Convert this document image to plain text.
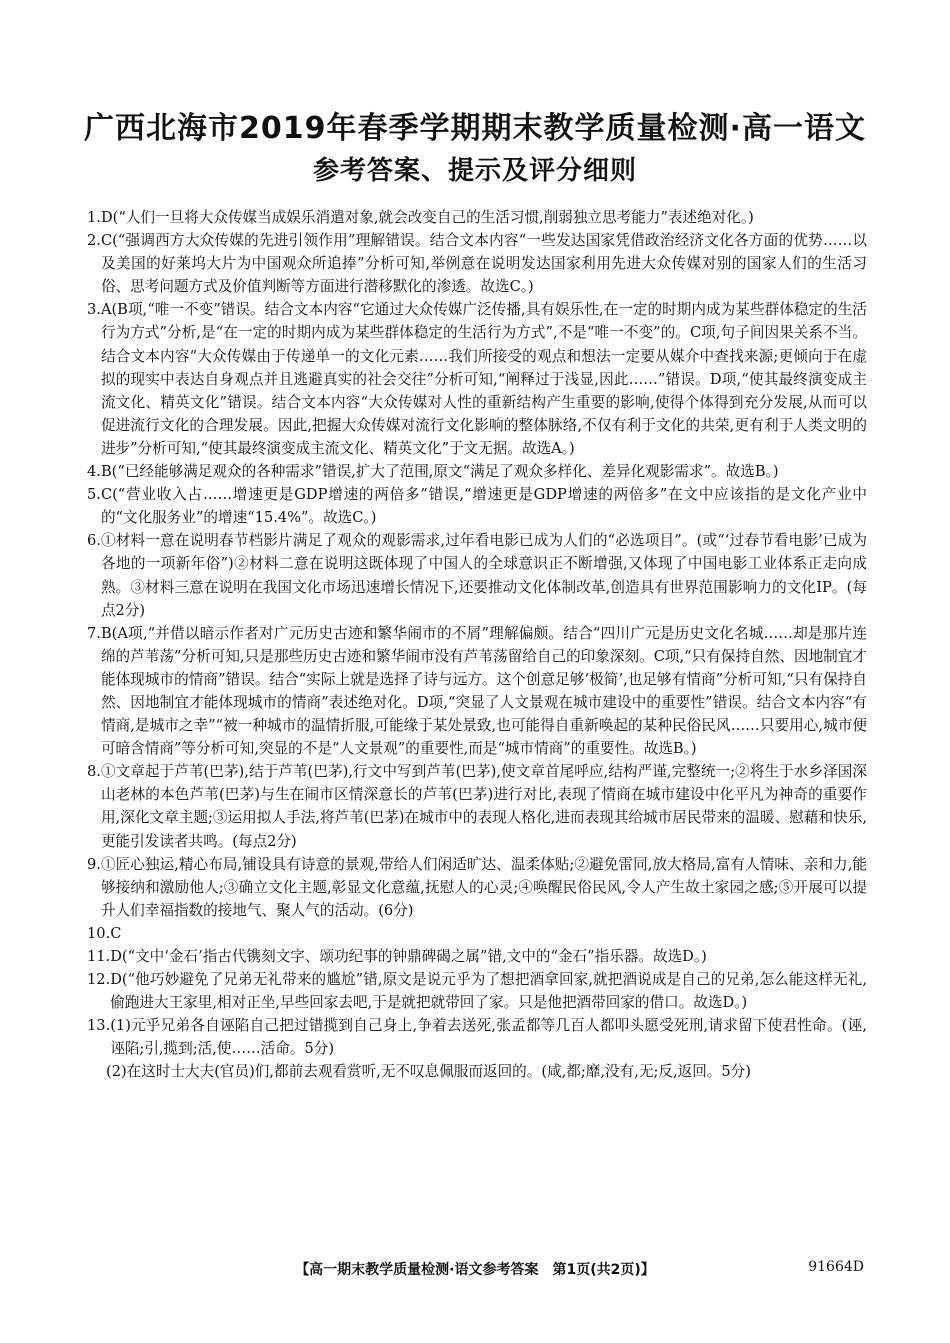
广西北海市2019年春季学期期末教学质量检测·高一语文
参考答案、提示及评分细则
1. D(“人们一旦将大众传媒当成娱乐消遣对象,就会改变自己的生活习惯,削弱独立思考能力”表述绝对化。)
2. C(“强调西方大众传媒的先进引领作用”理解错误。结合文本内容“一些发达国家凭借政治经济文化各方面的优势……以及美国的好莱坞大片为中国观众所追捧”分析可知,举例意在说明发达国家利用先进大众传媒对别的国家人们的生活习俗、思考问题方式及价值判断等方面进行潜移默化的渗透。故选C。)
3. A(B项,“唯一不变”错误。结合文本内容“它通过大众传媒广泛传播,具有娱乐性,在一定的时期内成为某些群体稳定的生活行为方式”分析,是“在一定的时期内成为某些群体稳定的生活行为方式”,不是“唯一不变”的。C项,句子间因果关系不当。结合文本内容“大众传媒由于传递单一的文化元素……我们所接受的观点和想法一定要从媒介中查找来源;更倾向于在虚拟的现实中表达自身观点并且逃避真实的社会交往”分析可知,“阐释过于浅显,因此……”错误。D项,“使其最终演变成主流文化、精英文化”错误。结合文本内容“大众传媒对人性的重新结构产生重要的影响,使得个体得到充分发展,从而可以促进流行文化的合理发展。因此,把握大众传媒对流行文化影响的整体脉络,不仅有利于文化的共荣,更有利于人类文明的进步”分析可知,“使其最终演变成主流文化、精英文化”于文无据。故选A。)
4. B(“已经能够满足观众的各种需求”错误,扩大了范围,原文“满足了观众多样化、差异化观影需求”。故选B。)
5. C(“营业收入占……增速更是GDP增速的两倍多”错误,“增速更是GDP增速的两倍多”在文中应该指的是文化产业中的“文化服务业”的增速“15.4%”。故选C。)
6. ①材料一意在说明春节档影片满足了观众的观影需求,过年看电影已成为人们的“必选项目”。(或“‘过春节看电影’已成为各地的一项新年俗”)②材料二意在说明这既体现了中国人的全球意识正不断增强,又体现了中国电影工业体系正走向成熟。③材料三意在说明在我国文化市场迅速增长情况下,还要推动文化体制改革,创造具有世界范围影响力的文化IP。(每点2分)
7. B(A项,“并借以暗示作者对广元历史古迹和繁华闹市的不屑”理解偏颇。结合“四川广元是历史文化名城……却是那片连绵的芦苇荡”分析可知,只是那些历史古迹和繁华闹市没有芦苇荡留给自己的印象深刻。C项,“只有保持自然、因地制宜才能体现城市的情商”错误。结合“实际上就是选择了诗与远方。这个创意足够‘极简’,也足够有情商”分析可知,“只有保持自然、因地制宜才能体现城市的情商”表述绝对化。D项,“突显了人文景观在城市建设中的重要性”错误。结合文本内容“有情商,是城市之幸”“被一种城市的温情折服,可能缘于某处景致,也可能得自重新唤起的某种民俗民风……只要用心,城市便可暗含情商”等分析可知,突显的不是“人文景观”的重要性,而是“城市情商”的重要性。故选B。)
8. ①文章起于芦苇(巴茅),结于芦苇(巴茅),行文中写到芦苇(巴茅),使文章首尾呼应,结构严谨,完整统一;②将生于水乡泽国深山老林的本色芦苇(巴茅)与生在闹市区情深意长的芦苇(巴茅)进行对比,表现了情商在城市建设中化平凡为神奇的重要作用,深化文章主题;③运用拟人手法,将芦苇(巴茅)在城市中的表现人格化,进而表现其给城市居民带来的温暖、慰藉和快乐,更能引发读者共鸣。(每点2分)
9. ①匠心独运,精心布局,铺设具有诗意的景观,带给人们闲适旷达、温柔体贴;②避免雷同,放大格局,富有人情味、亲和力,能够接纳和激励他人;③确立文化主题,彰显文化意蕴,抚慰人的心灵;④唤醒民俗民风,令人产生故土家园之感;⑤开展可以提升人们幸福指数的接地气、聚人气的活动。(6分)
10. C
11. D(“文中‘金石’指古代镌刻文字、颂功纪事的钟鼎碑碣之属”错,文中的“金石”指乐器。故选D。)
12. D(“他巧妙避免了兄弟无礼带来的尴尬”错,原文是说元乎为了想把酒拿回家,就把酒说成是自己的兄弟,怎么能这样无礼,偷跑进大王家里,相对正坐,早些回家去吧,于是就把就带回了家。只是他把酒带回家的借口。故选D。)
13. (1)元乎兄弟各自诬陷自己把过错揽到自己身上,争着去送死,张孟都等几百人都叩头愿受死刑,请求留下使君性命。(诬,诬陷;引,揽到;活,使……活命。5分)
(2)在这时士大夫(官员)们,都前去观看赏听,无不叹息佩服而返回的。(咸,都;靡,没有,无;反,返回。5分)
【高一期末教学质量检测·语文参考答案　第1页(共2页)】	91664D
